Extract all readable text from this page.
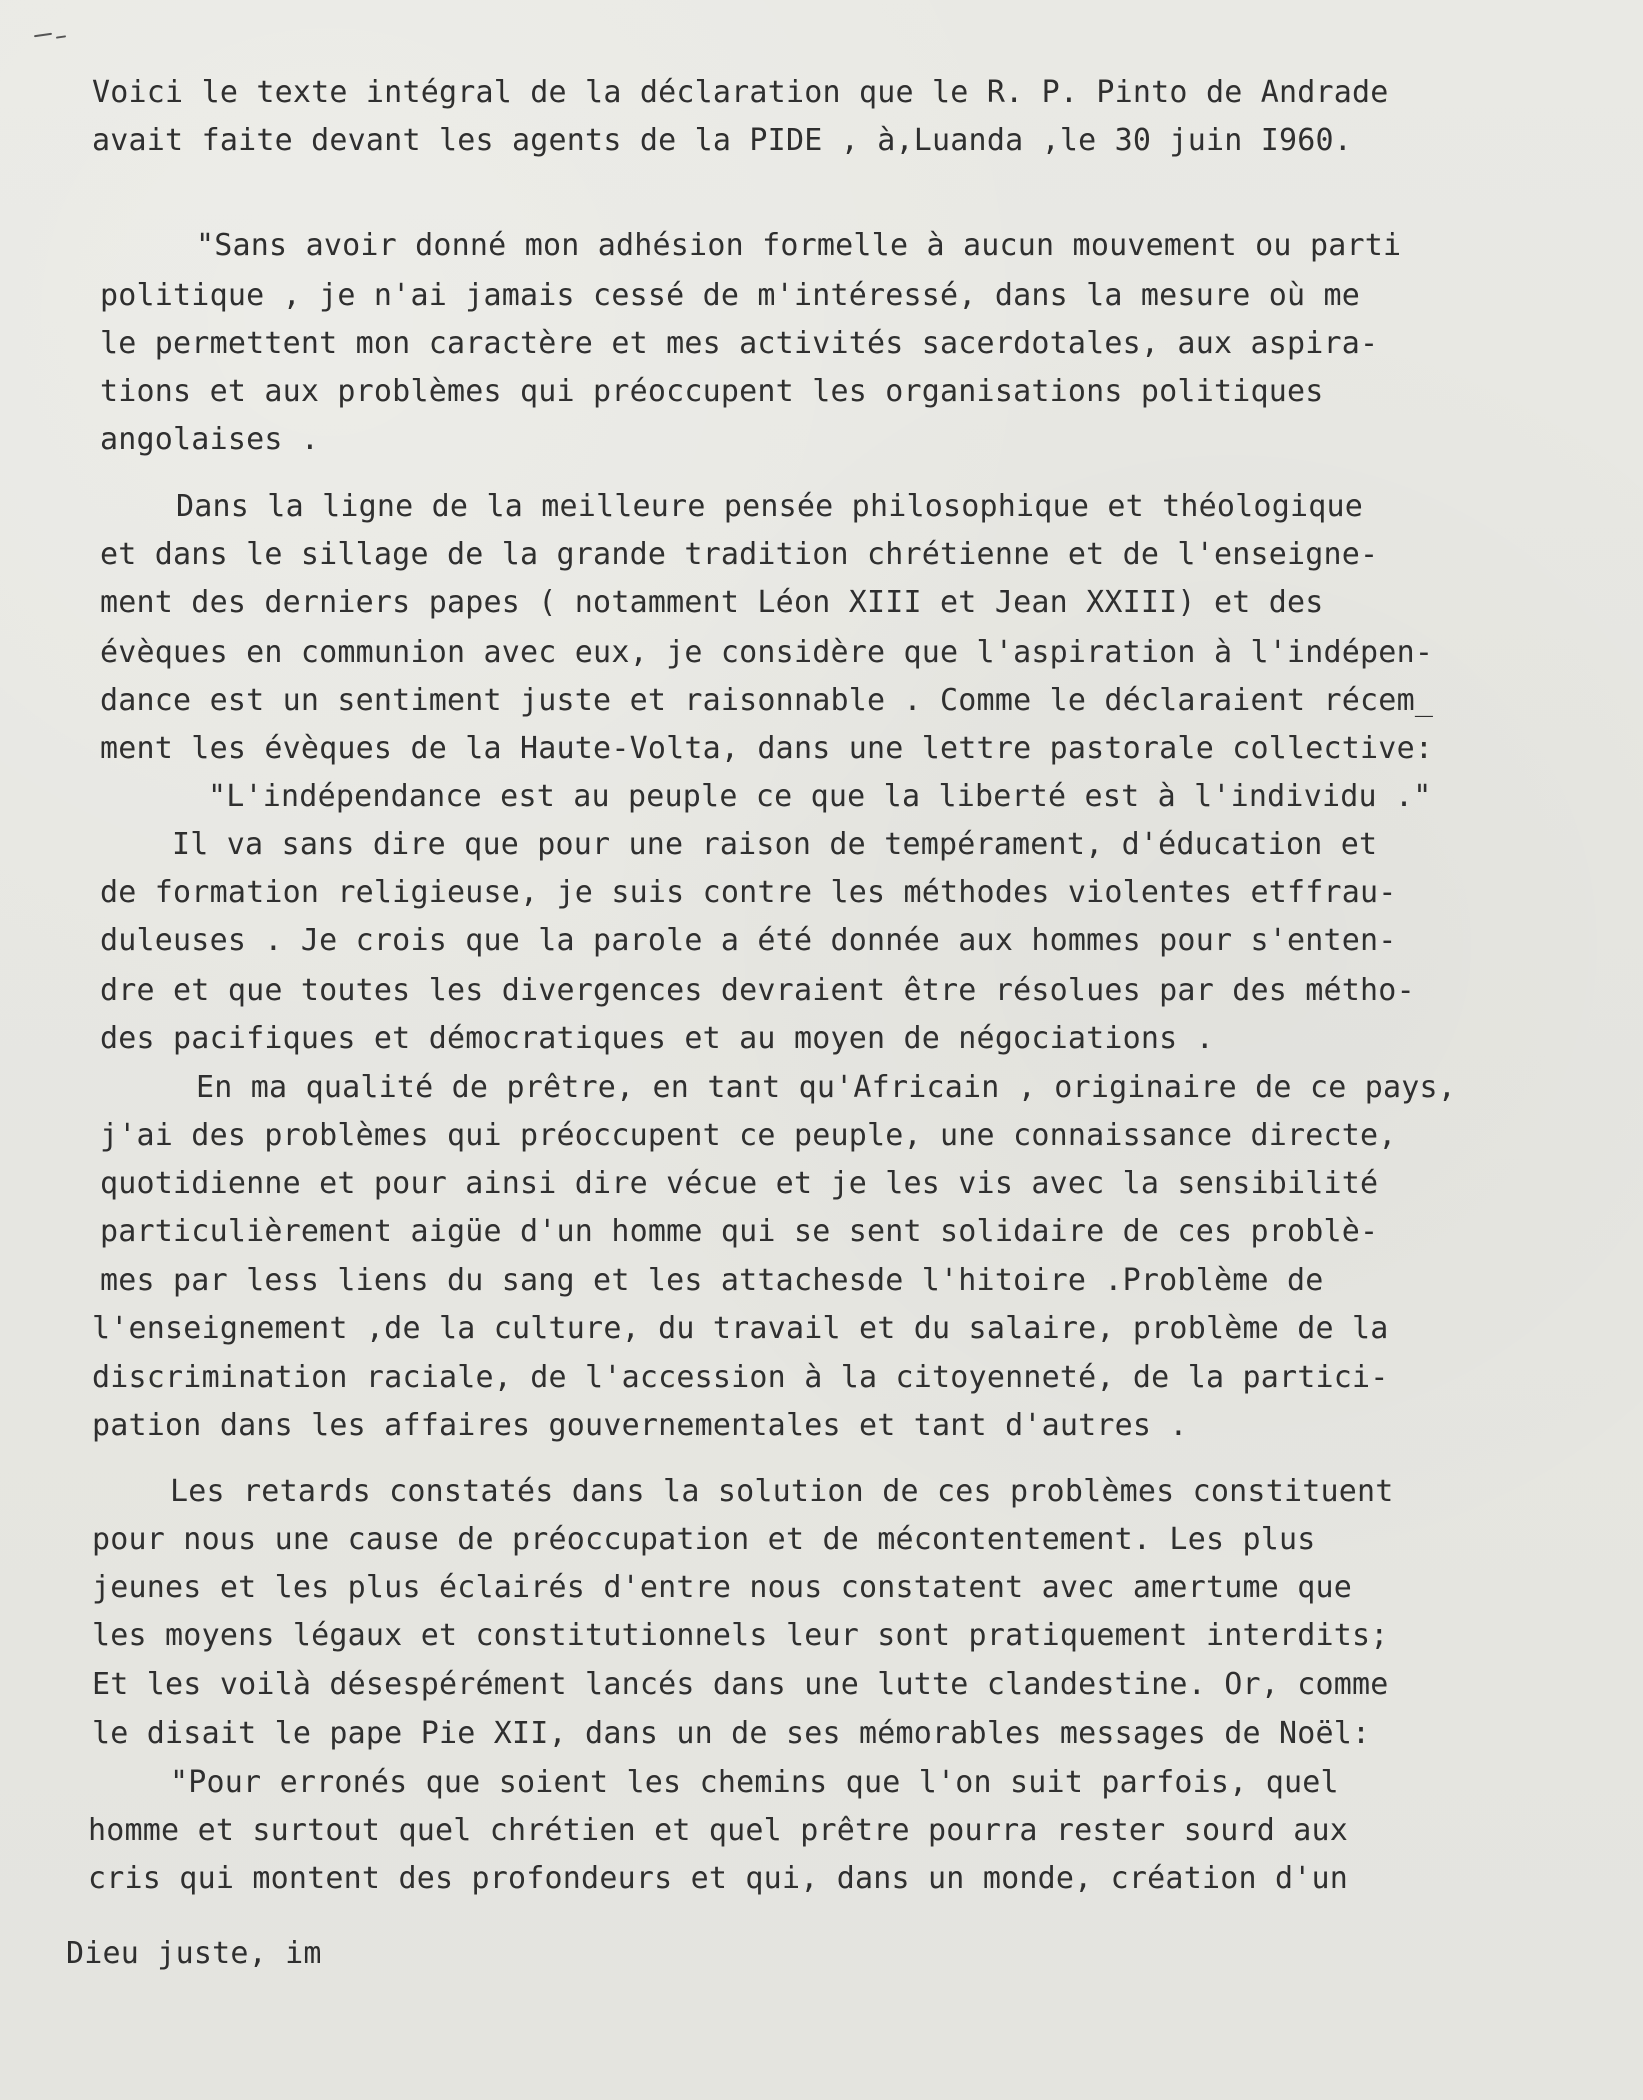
Voici le texte intégral de la déclaration que le R. P. Pinto de Andrade
avait faite devant les agents de la PIDE , à,Luanda ,le 30 juin I960.
"Sans avoir donné mon adhésion formelle à aucun mouvement ou parti
politique , je n'ai jamais cessé de m'intéressé, dans la mesure où me
le permettent mon caractère et mes activités sacerdotales, aux aspira-
tions et aux problèmes qui préoccupent les organisations politiques
angolaises .
Dans la ligne de la meilleure pensée philosophique et théologique
et dans le sillage de la grande tradition chrétienne et de l'enseigne-
ment des derniers papes ( notamment Léon XIII et Jean XXIII) et des
évèques en communion avec eux, je considère que l'aspiration à l'indépen-
dance est un sentiment juste et raisonnable . Comme le déclaraient récem_
ment les évèques de la Haute-Volta, dans une lettre pastorale collective:
"L'indépendance est au peuple ce que la liberté est à l'individu ."
Il va sans dire que pour une raison de tempérament, d'éducation et
de formation religieuse, je suis contre les méthodes violentes etffrau-
duleuses . Je crois que la parole a été donnée aux hommes pour s'enten-
dre et que toutes les divergences devraient être résolues par des métho-
des pacifiques et démocratiques et au moyen de négociations .
En ma qualité de prêtre, en tant qu'Africain , originaire de ce pays,
j'ai des problèmes qui préoccupent ce peuple, une connaissance directe,
quotidienne et pour ainsi dire vécue et je les vis avec la sensibilité
particulièrement aigüe d'un homme qui se sent solidaire de ces problè-
mes par less liens du sang et les attachesde l'hitoire .Problème de
l'enseignement ,de la culture, du travail et du salaire, problème de la
discrimination raciale, de l'accession à la citoyenneté, de la partici-
pation dans les affaires gouvernementales et tant d'autres .
Les retards constatés dans la solution de ces problèmes constituent
pour nous une cause de préoccupation et de mécontentement. Les plus
jeunes et les plus éclairés d'entre nous constatent avec amertume que
les moyens légaux et constitutionnels leur sont pratiquement interdits;
Et les voilà désespérément lancés dans une lutte clandestine. Or, comme
le disait le pape Pie XII, dans un de ses mémorables messages de Noël:
"Pour erronés que soient les chemins que l'on suit parfois, quel
homme et surtout quel chrétien et quel prêtre pourra rester sourd aux
cris qui montent des profondeurs et qui, dans un monde, création d'un
Dieu juste, im
